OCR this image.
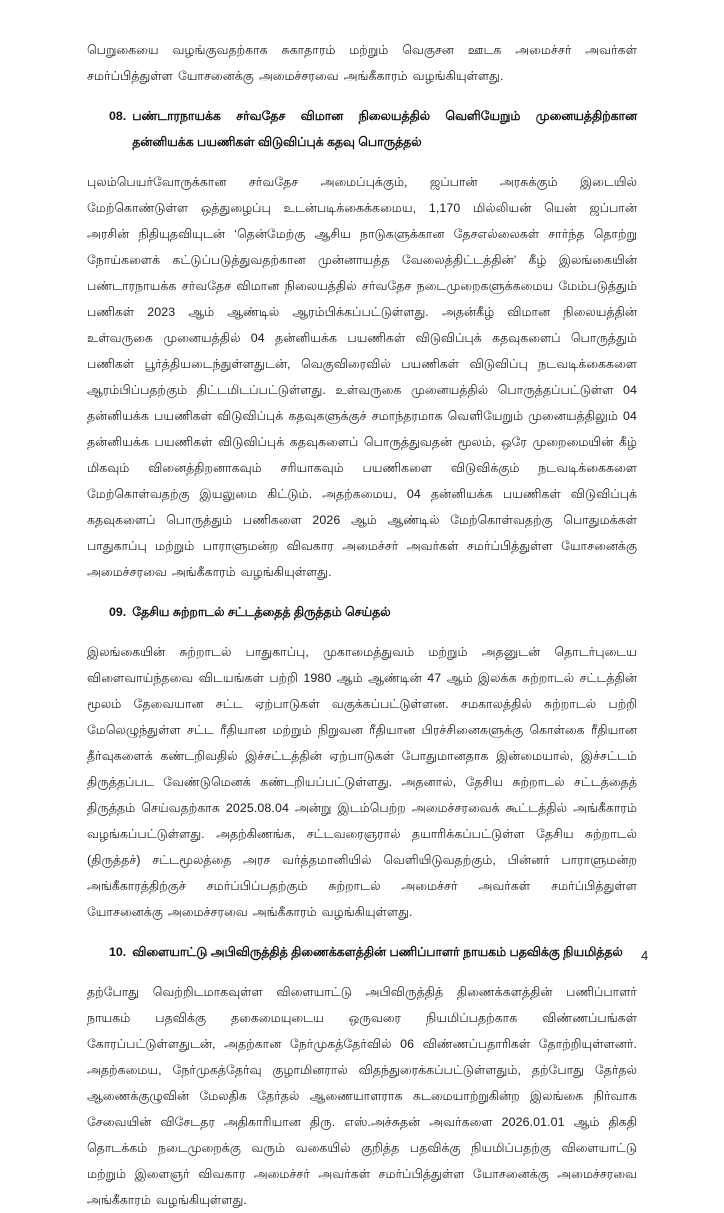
பெறுகையை வழங்குவதற்காக சுகாதாரம் மற்றும் வெகுசன ஊடக அமைச்சர் அவர்கள் சமர்ப்பித்துள்ள யோசனைக்கு அமைச்சரவை அங்கீகாரம் வழங்கியுள்ளது.

08. பண்டாரநாயக்க சர்வதேச விமான நிலையத்தில் வெளியேறும் முனையத்திற்கான தன்னியக்க பயணிகள் விடுவிப்புக் கதவு பொருத்தல்

புலம்பெயர்வோருக்கான சர்வதேச அமைப்புக்கும், ஜப்பான் அரசுக்கும் இடையில் மேற்கொண்டுள்ள ஒத்துழைப்பு உடன்படிக்கைக்கமைய, 1,170 மில்லியன் யென் ஜப்பான் அரசின் நிதியுதவியுடன் ‘தென்மேற்கு ஆசிய நாடுகளுக்கான தேசஎல்லைகள் சார்ந்த தொற்று நோய்களைக் கட்டுப்படுத்துவதற்கான முன்னாயத்த வேலைத்திட்டத்தின்’ கீழ் இலங்கையின் பண்டாரநாயக்க சர்வதேச விமான நிலையத்தில் சர்வதேச நடைமுறைகளுக்கமைய மேம்படுத்தும் பணிகள் 2023 ஆம் ஆண்டில் ஆரம்பிக்கப்பட்டுள்ளது. அதன்கீழ் விமான நிலையத்தின் உள்வருகை முனையத்தில் 04 தன்னியக்க பயணிகள் விடுவிப்புக் கதவுகளைப் பொருத்தும் பணிகள் பூர்த்தியடைந்துள்ளதுடன், வெகுவிரைவில் பயணிகள் விடுவிப்பு நடவடிக்கைகளை ஆரம்பிப்பதற்கும் திட்டமிடப்பட்டுள்ளது. உள்வருகை முனையத்தில் பொருத்தப்பட்டுள்ள 04 தன்னியக்க பயணிகள் விடுவிப்புக் கதவுகளுக்குச் சமாந்தரமாக வெளியேறும் முனையத்திலும் 04 தன்னியக்க பயணிகள் விடுவிப்புக் கதவுகளைப் பொருத்துவதன் மூலம், ஒரே முறைமையின் கீழ் மிகவும் வினைத்திறனாகவும் சரியாகவும் பயணிகளை விடுவிக்கும் நடவடிக்கைகளை மேற்கொள்வதற்கு இயலுமை கிட்டும். அதற்கமைய, 04 தன்னியக்க பயணிகள் விடுவிப்புக் கதவுகளைப் பொருத்தும் பணிகளை 2026 ஆம் ஆண்டில் மேற்கொள்வதற்கு பொதுமக்கள் பாதுகாப்பு மற்றும் பாராளுமன்ற விவகார அமைச்சர் அவர்கள் சமர்ப்பித்துள்ள யோசனைக்கு அமைச்சரவை அங்கீகாரம் வழங்கியுள்ளது.

09. தேசிய சுற்றாடல் சட்டத்தைத் திருத்தம் செய்தல்

இலங்கையின் சுற்றாடல் பாதுகாப்பு, முகாமைத்துவம் மற்றும் அதனுடன் தொடர்புடைய விளைவாய்ந்தவை விடயங்கள் பற்றி 1980 ஆம் ஆண்டின் 47 ஆம் இலக்க சுற்றாடல் சட்டத்தின் மூலம் தேவையான சட்ட ஏற்பாடுகள் வகுக்கப்பட்டுள்ளன. சமகாலத்தில் சுற்றாடல் பற்றி மேலெழுந்துள்ள சட்ட ரீதியான மற்றும் நிறுவன ரீதியான பிரச்சினைகளுக்கு கொள்கை ரீதியான தீர்வுகளைக் கண்டறிவதில் இச்சட்டத்தின் ஏற்பாடுகள் போதுமானதாக இன்மையால், இச்சட்டம் திருத்தப்பட வேண்டுமெனக் கண்டறியப்பட்டுள்ளது. அதனால், தேசிய சுற்றாடல் சட்டத்தைத் திருத்தம் செய்வதற்காக 2025.08.04 அன்று இடம்பெற்ற அமைச்சரவைக் கூட்டத்தில் அங்கீகாரம் வழங்கப்பட்டுள்ளது. அதற்கிணங்க, சட்டவரைஞரால் தயாரிக்கப்பட்டுள்ள தேசிய சுற்றாடல் (திருத்தச்) சட்டமூலத்தை அரச வர்த்தமானியில் வெளியிடுவதற்கும், பின்னர் பாராளுமன்ற அங்கீகாரத்திற்குச் சமர்ப்பிப்பதற்கும் சுற்றாடல் அமைச்சர் அவர்கள் சமர்ப்பித்துள்ள யோசனைக்கு அமைச்சரவை அங்கீகாரம் வழங்கியுள்ளது.

10. விளையாட்டு அபிவிருத்தித் திணைக்களத்தின் பணிப்பாளர் நாயகம் பதவிக்கு நியமித்தல்

தற்போது வெற்றிடமாகவுள்ள விளையாட்டு அபிவிருத்தித் திணைக்களத்தின் பணிப்பாளர் நாயகம் பதவிக்கு தகைமையுடைய ஒருவரை நியமிப்பதற்காக விண்ணப்பங்கள் கோரப்பட்டுள்ளதுடன், அதற்கான நேர்முகத்தேர்வில் 06 விண்ணப்பதாரிகள் தோற்றியுள்ளனர். அதற்கமைய, நேர்முகத்தேர்வு குழாமினரால் விதந்துரைக்கப்பட்டுள்ளதும், தற்போது தேர்தல் ஆணைக்குழுவின் மேலதிக தேர்தல் ஆணையாளராக கடமையாற்றுகின்ற இலங்கை நிர்வாக சேவையின் விசேடதர அதிகாரியான திரு. எஸ்.அச்சுதன் அவர்களை 2026.01.01 ஆம் திகதி தொடக்கம் நடைமுறைக்கு வரும் வகையில் குறித்த பதவிக்கு நியமிப்பதற்கு விளையாட்டு மற்றும் இளைஞர் விவகார அமைச்சர் அவர்கள் சமர்ப்பித்துள்ள யோசனைக்கு அமைச்சரவை அங்கீகாரம் வழங்கியுள்ளது.

4
